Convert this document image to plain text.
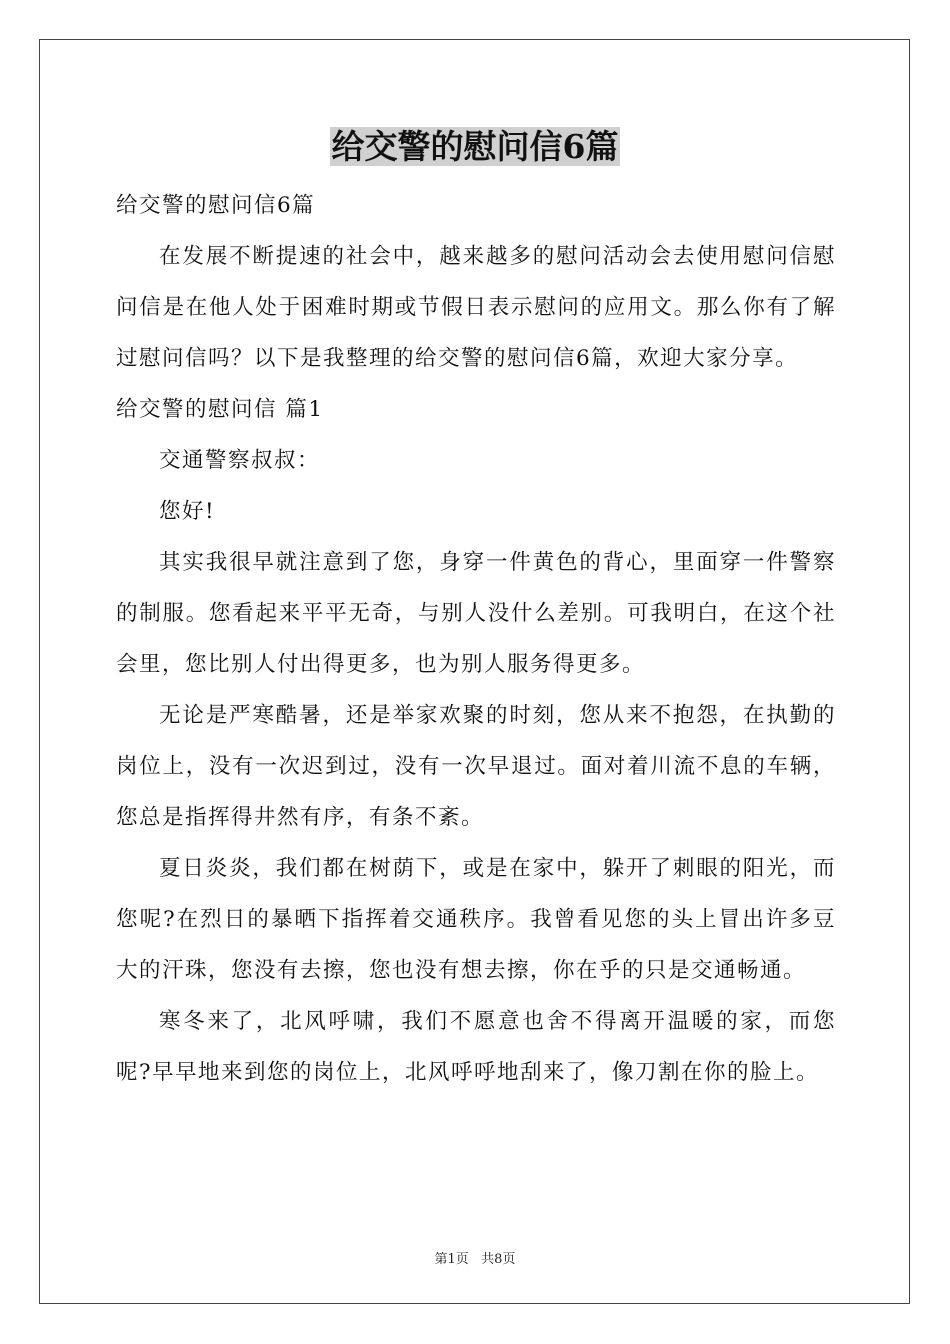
给交警的慰问信6篇

给交警的慰问信6篇

在发展不断提速的社会中，越来越多的慰问活动会去使用慰问信慰问信是在他人处于困难时期或节假日表示慰问的应用文。那么你有了解过慰问信吗？以下是我整理的给交警的慰问信6篇，欢迎大家分享。

给交警的慰问信 篇1

交通警察叔叔：

您好!

其实我很早就注意到了您，身穿一件黄色的背心，里面穿一件警察的制服。您看起来平平无奇，与别人没什么差别。可我明白，在这个社会里，您比别人付出得更多，也为别人服务得更多。

无论是严寒酷暑，还是举家欢聚的时刻，您从来不抱怨，在执勤的岗位上，没有一次迟到过，没有一次早退过。面对着川流不息的车辆，您总是指挥得井然有序，有条不紊。

夏日炎炎，我们都在树荫下，或是在家中，躲开了刺眼的阳光，而您呢?在烈日的暴晒下指挥着交通秩序。我曾看见您的头上冒出许多豆大的汗珠，您没有去擦，您也没有想去擦，你在乎的只是交通畅通。

寒冬来了，北风呼啸，我们不愿意也舍不得离开温暖的家，而您呢?早早地来到您的岗位上，北风呼呼地刮来了，像刀割在你的脸上。

第1页   共8页
